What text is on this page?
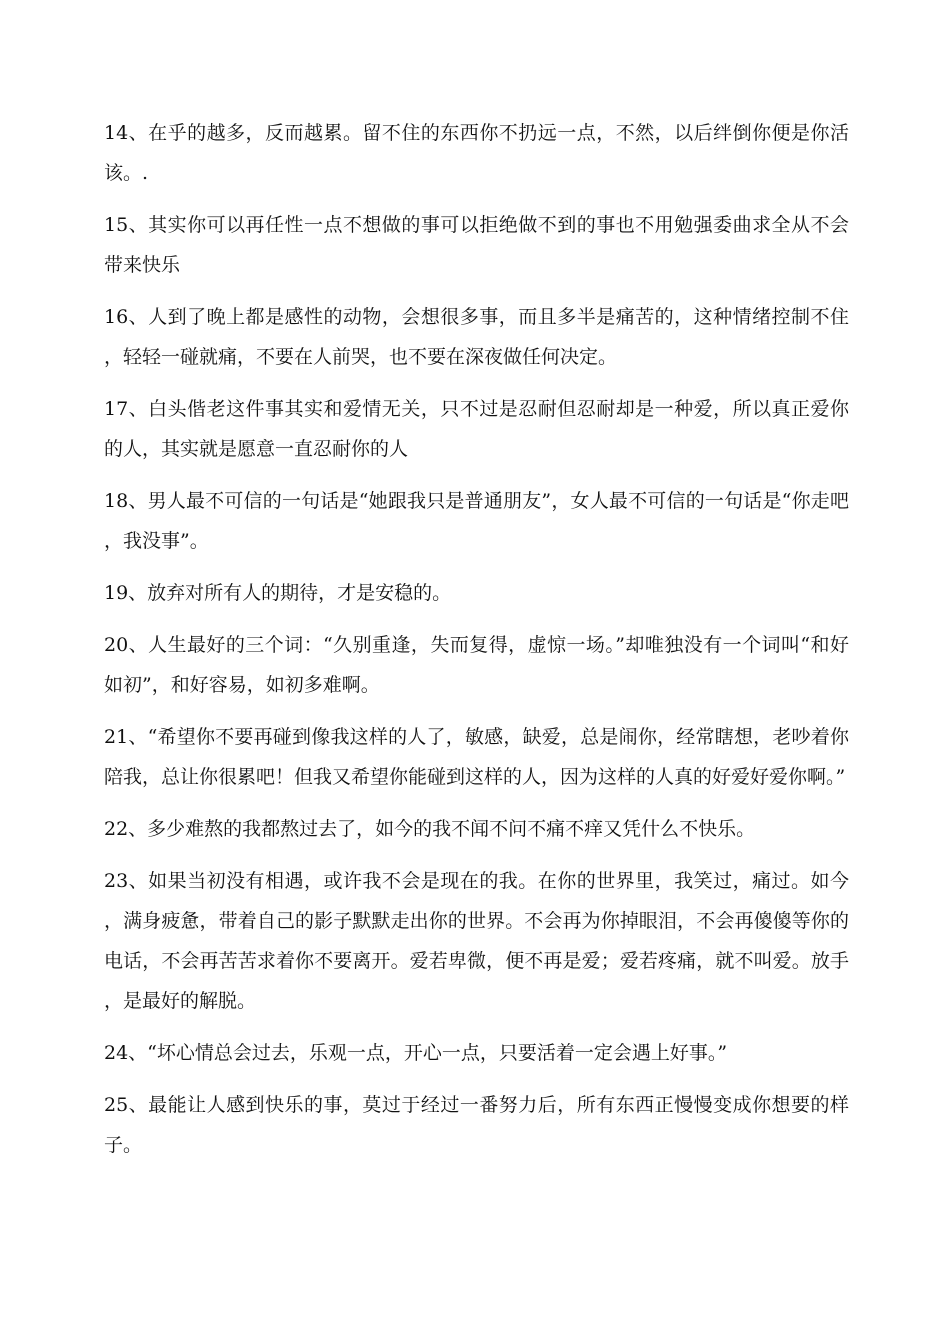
14、在乎的越多，反而越累。留不住的东西你不扔远一点，不然，以后绊倒你便是你活该。.

15、其实你可以再任性一点不想做的事可以拒绝做不到的事也不用勉强委曲求全从不会带来快乐

16、人到了晚上都是感性的动物，会想很多事，而且多半是痛苦的，这种情绪控制不住，轻轻一碰就痛，不要在人前哭，也不要在深夜做任何决定。

17、白头偕老这件事其实和爱情无关，只不过是忍耐但忍耐却是一种爱，所以真正爱你的人，其实就是愿意一直忍耐你的人

18、男人最不可信的一句话是“她跟我只是普通朋友”，女人最不可信的一句话是“你走吧，我没事”。

19、放弃对所有人的期待，才是安稳的。

20、人生最好的三个词：“久别重逢，失而复得，虚惊一场。”却唯独没有一个词叫“和好如初”，和好容易，如初多难啊。

21、“希望你不要再碰到像我这样的人了，敏感，缺爱，总是闹你，经常瞎想，老吵着你陪我，总让你很累吧！但我又希望你能碰到这样的人，因为这样的人真的好爱好爱你啊。”

22、多少难熬的我都熬过去了，如今的我不闻不问不痛不痒又凭什么不快乐。

23、如果当初没有相遇，或许我不会是现在的我。在你的世界里，我笑过，痛过。如今，满身疲惫，带着自己的影子默默走出你的世界。不会再为你掉眼泪，不会再傻傻等你的电话，不会再苦苦求着你不要离开。爱若卑微，便不再是爱；爱若疼痛，就不叫爱。放手，是最好的解脱。

24、“坏心情总会过去，乐观一点，开心一点，只要活着一定会遇上好事。”

25、最能让人感到快乐的事，莫过于经过一番努力后，所有东西正慢慢变成你想要的样子。
